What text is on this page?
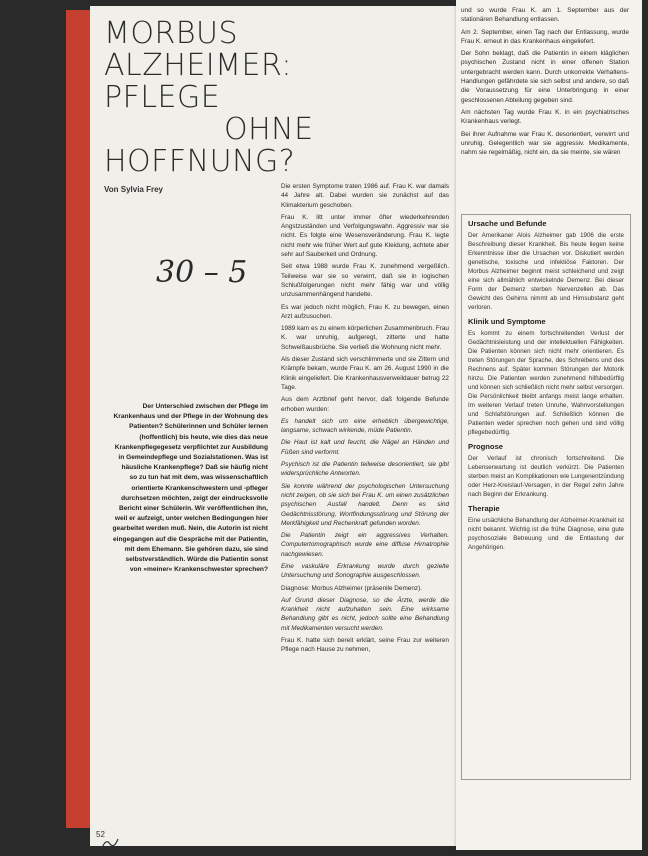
MORBUS
ALZHEIMER: PFLEGE
OHNE
HOFFNUNG?
Von Sylvia Frey
30 – 5
Der Unterschied zwischen der Pflege im Krankenhaus und der Pflege in der Wohnung des Patienten? Schülerinnen und Schüler lernen (hoffentlich) bis heute, wie dies das neue Krankenpflegegesetz verpflichtet zur Ausbildung in Gemeindepflege und Sozialstationen. Was ist häusliche Krankenpflege? Daß sie häufig nicht so zu tun hat mit dem, was wissenschaftlich orientierte Krankenschwestern und -pfleger durchsetzen möchten, zeigt der eindrucksvolle Bericht einer Schülerin. Wir veröffentlichen ihn, weil er aufzeigt, unter welchen Bedingungen hier gearbeitet werden muß. Nein, die Autorin ist nicht eingegangen auf die Gespräche mit der Patientin, mit dem Ehemann. Sie gehören dazu, sie sind selbstverständlich. Würde die Patientin sonst von »meiner« Krankenschwester sprechen?

Die ersten Symptome traten 1986 auf. Frau K. war damals 44 Jahre alt. Dabei wurden sie zunächst auf das Klimakterium geschoben.

Frau K. litt unter immer öfter wiederkehrenden Angstzuständen und Verfolgungswahn. Aggressiv war sie nicht. Es folgte eine Wesensveränderung. Frau K. legte nicht mehr wie früher Wert auf gute Kleidung, achtete aber sehr auf Sauberkeit und Ordnung.

Seit etwa 1988 wurde Frau K. zunehmend vergeßlich. Teilweise war sie so verwirrt, daß sie in logischen Schlußfolgerungen nicht mehr fähig war und völlig unzusammenhängend handelte.

Es war jedoch nicht möglich, Frau K. zu bewegen, einen Arzt aufzusuchen.

1989 kam es zu einem körperlichen Zusammenbruch. Frau K. war unruhig, aufgeregt, zitterte und hatte Schweißausbrüche. Sie verließ die Wohnung nicht mehr.

Als dieser Zustand sich verschlimmerte und sie Zittern und Krämpfe bekam, wurde Frau K. am 26. August 1990 in die Klinik eingeliefert. Die Krankenhausverweildauer betrug 22 Tage.

Aus dem Arztbrief geht hervor, daß folgende Befunde erhoben wurden:

Es handelt sich um eine erheblich übergewichtige, langsame, schwach wirkende, müde Patientin.

Die Haut ist kalt und feucht, die Nägel an Händen und Füßen sind verformt.

Psychisch ist die Patientin teilweise desorientiert, sie gibt widersprüchliche Antworten.

Sie konnte während der psychologischen Untersuchung nicht zeigen, ob sie sich bei Frau K. um einen zusätzlichen psychischen Ausfall handelt. Denn es sind Gedächtnisstörung, Wortfindungsstörung und Störung der Merkfähigkeit und Rechenkraft gefunden worden.

Die Patientin zeigt ein aggressives Verhalten. Computertomographisch wurde eine diffuse Hirnatrophie nachgewiesen.

Eine vaskuläre Erkrankung wurde durch gezielte Untersuchung und Sonographie ausgeschlossen.

Diagnose: Morbus Alzheimer (präsenile Demenz).

Auf Grund dieser Diagnose, so die Ärzte, werde die Krankheit nicht aufzuhalten sein. Eine wirksame Behandlung gibt es nicht, jedoch sollte eine Behandlung mit Medikamenten versucht werden.

Frau K. hatte sich bereit erklärt, seine Frau zur weiteren Pflege nach Hause zu nehmen,

und so wurde Frau K. am 1. September aus der stationären Behandlung entlassen.

Am 2. September, einen Tag nach der Entlassung, wurde Frau K. erneut in das Krankenhaus eingeliefert.

Der Sohn beklagt, daß die Patientin in einem kläglichen psychischen Zustand nicht in einer offenen Station untergebracht werden kann. Durch unkorrekte Verhaltens-Handlungen gefährdete sie sich selbst und andere, so daß die Voraussetzung für eine Unterbringung in einer geschlossenen Abteilung gegeben sind.

Am nächsten Tag wurde Frau K. in ein psychiatrisches Krankenhaus verlegt.

Bei ihrer Aufnahme war Frau K. desorientiert, verwirrt und unruhig. Gelegentlich war sie aggressiv. Medikamente, nahm sie regelmäßig, nicht ein, da sie meinte, sie wären

Ursache und Befunde

Der Amerikaner Alois Alzheimer gab 1906 die erste Beschreibung dieser Krankheit. Bis heute liegen keine Erkenntnisse über die Ursachen vor. Diskutiert werden genetische, toxische und infektiöse Faktoren. Der Morbus Alzheimer beginnt meist schleichend und zeigt eine sich allmählich entwickelnde Demenz. Bei dieser Form der Demenz sterben Nervenzellen ab. Das Gewicht des Gehirns nimmt ab und Hirnsubstanz geht verloren.

Klinik und Symptome

Es kommt zu einem fortschreitenden Verlust der Gedächtnisleistung und der intellektuellen Fähigkeiten. Die Patienten können sich nicht mehr orientieren. Es treten Störungen der Sprache, des Schreibens und des Rechnens auf. Später kommen Störungen der Motorik hinzu. Die Patienten werden zunehmend hilfsbedürftig und können sich schließlich nicht mehr selbst versorgen. Die Persönlichkeit bleibt anfangs meist lange erhalten. Im weiteren Verlauf treten Unruhe, Wahnvorstellungen und Schlafstörungen auf. Schließlich können die Patienten weder sprechen noch gehen und sind völlig pflegebedürftig.

Prognose

Der Verlauf ist chronisch fortschreitend. Die Lebenserwartung ist deutlich verkürzt. Die Patienten sterben meist an Komplikationen wie Lungenentzündung oder Herz-Kreislauf-Versagen, in der Regel zehn Jahre nach Beginn der Erkrankung.

Therapie

Eine ursächliche Behandlung der Alzheimer-Krankheit ist nicht bekannt. Wichtig ist die frühe Diagnose, eine gute psychosoziale Betreuung und die Entlastung der Angehörigen.

52
